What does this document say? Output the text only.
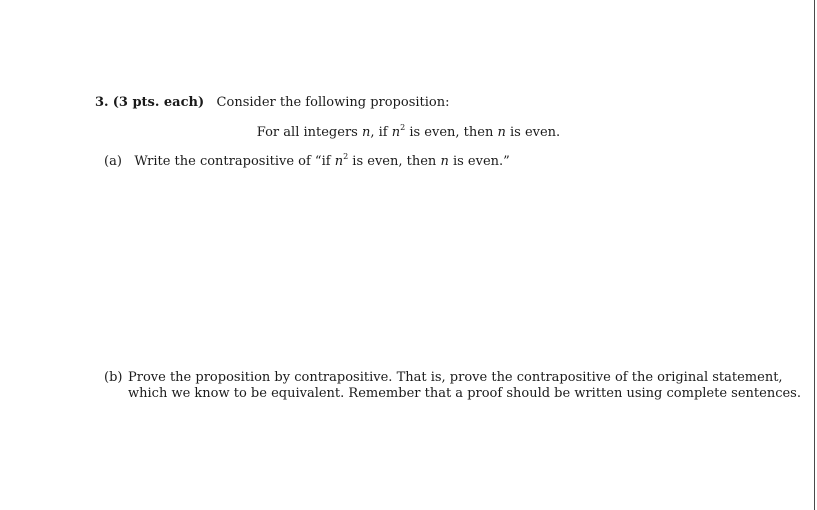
3. (3 pts. each) Consider the following proposition:
For all integers n, if $n^2$ is even, then n is even.
(a) Write the contrapositive of “if $n^2$ is even, then n is even.”
(b) Prove the proposition by contrapositive. That is, prove the contrapositive of the original statement,
which we know to be equivalent. Remember that a proof should be written using complete sentences.
